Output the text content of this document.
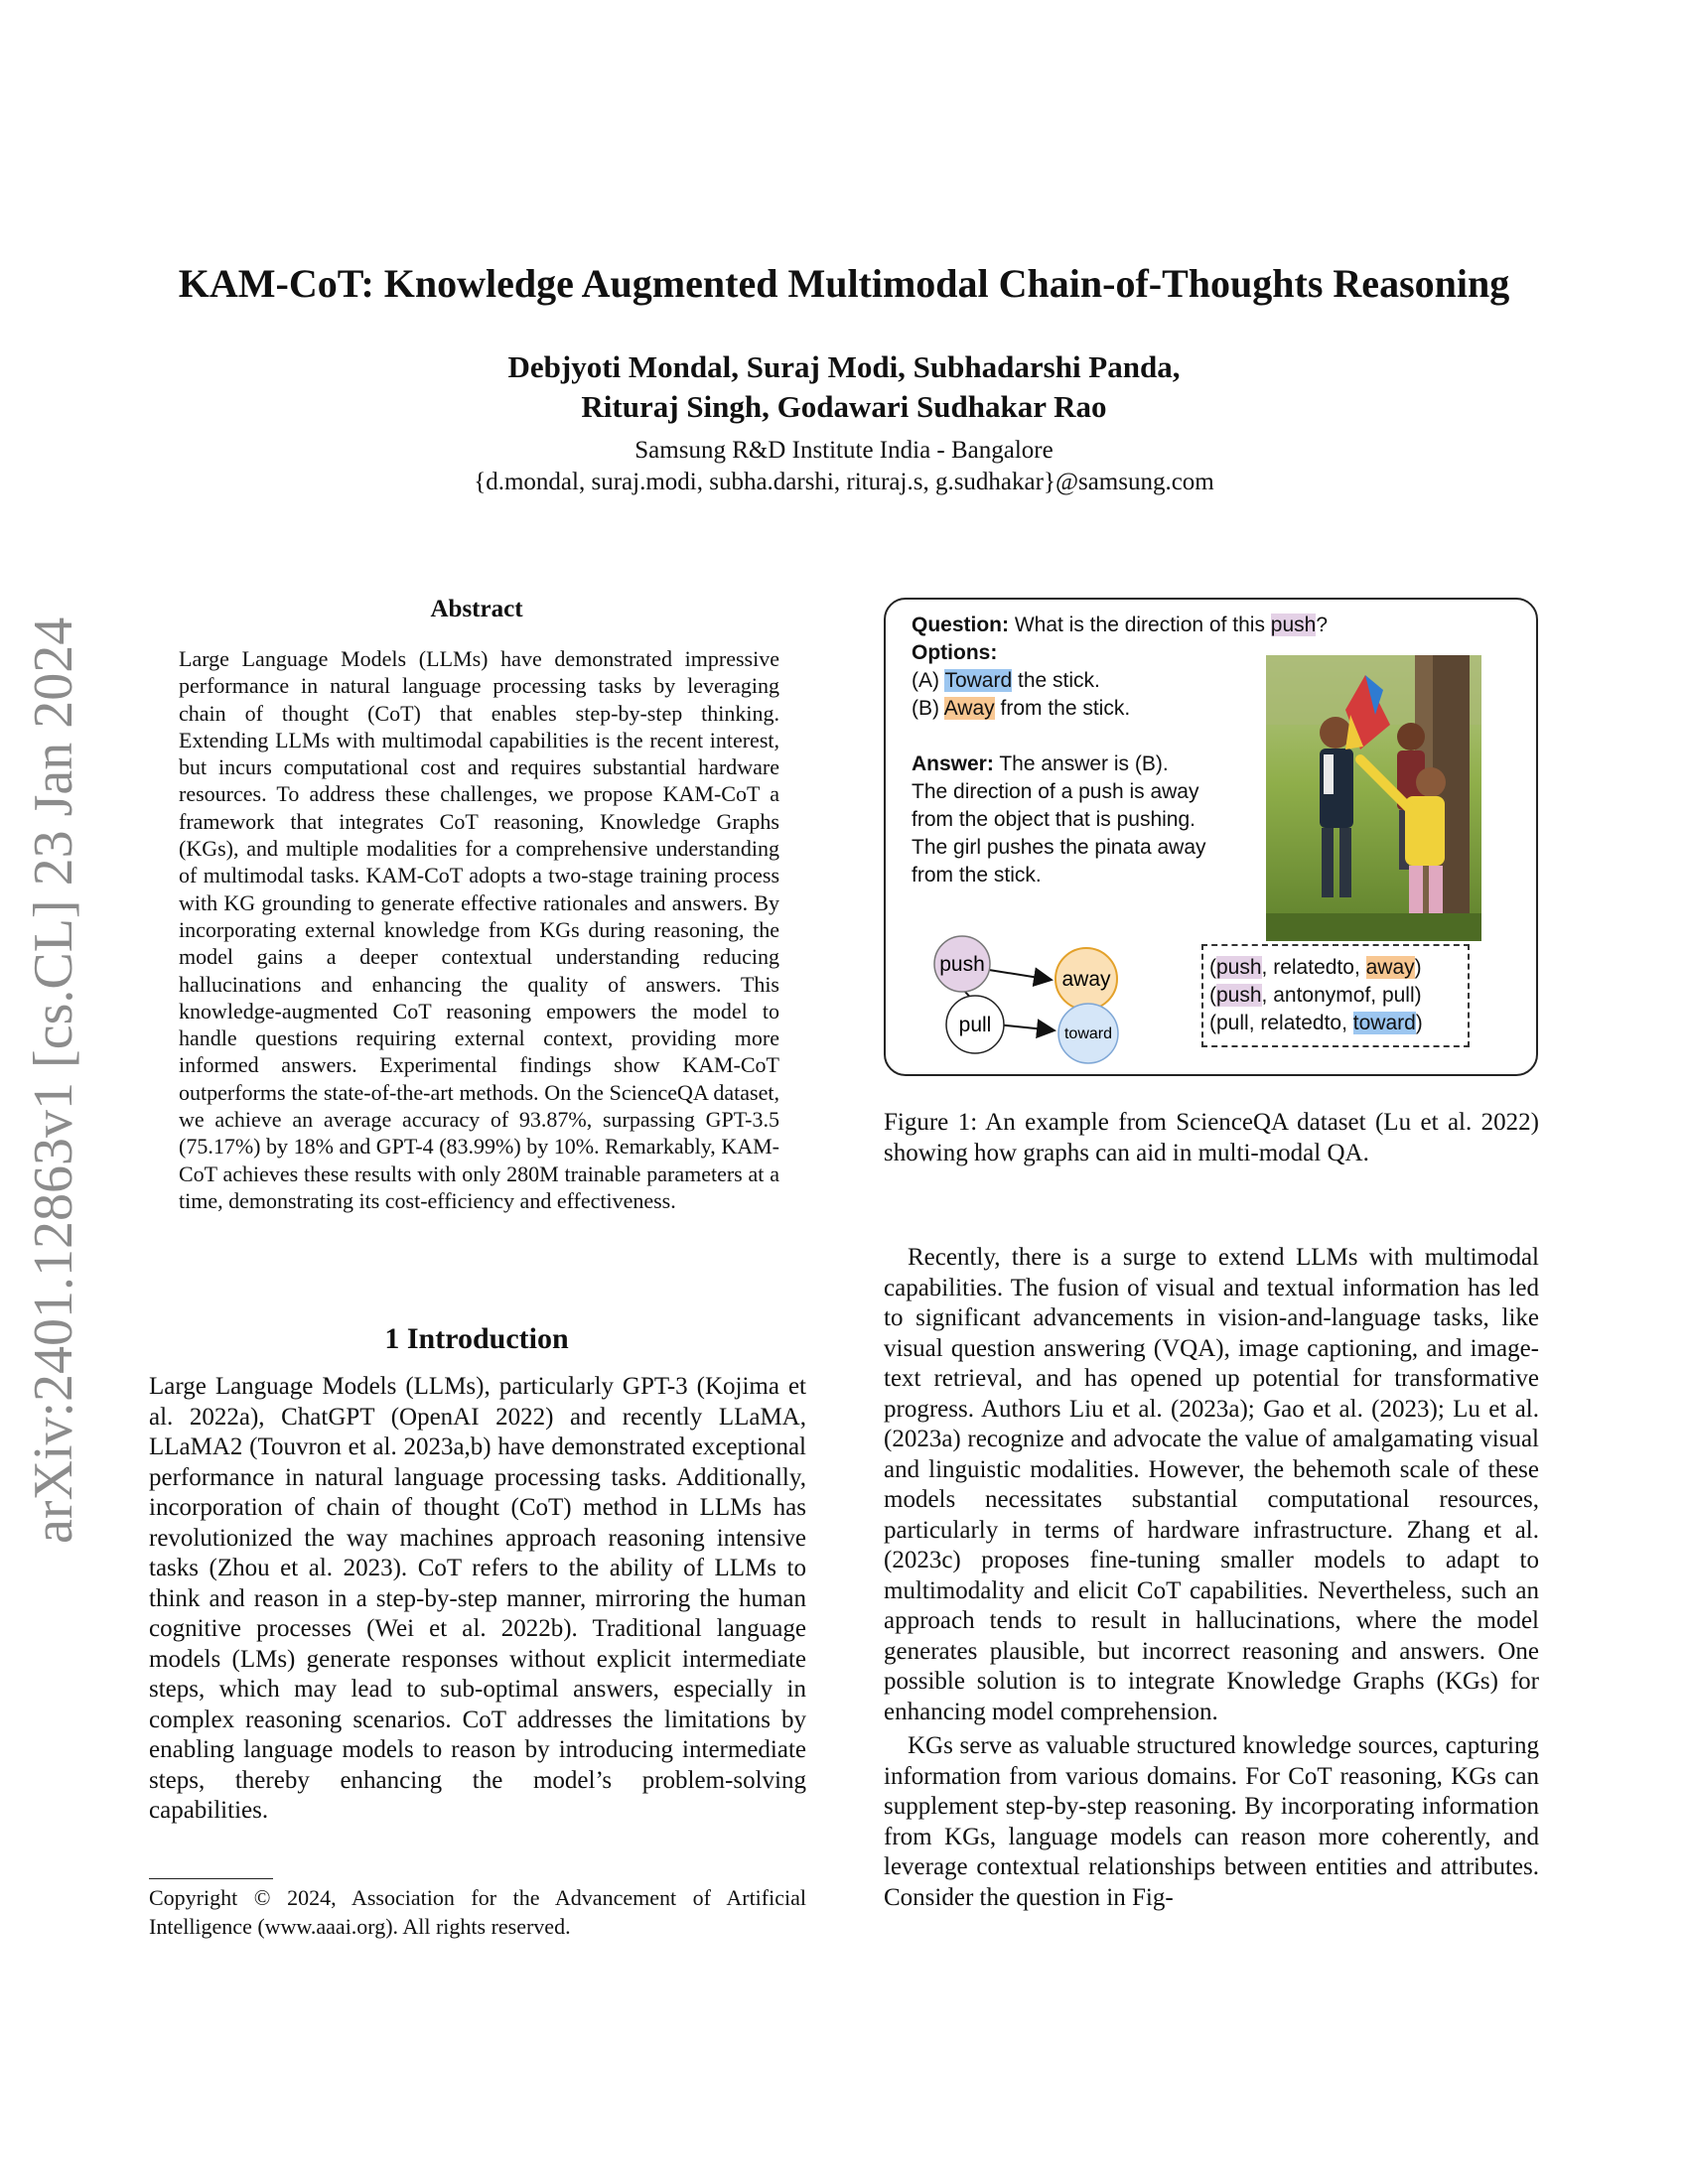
arXiv:2401.12863v1 [cs.CL] 23 Jan 2024
KAM-CoT: Knowledge Augmented Multimodal Chain-of-Thoughts Reasoning
Debjyoti Mondal, Suraj Modi, Subhadarshi Panda,
Rituraj Singh, Godawari Sudhakar Rao
Samsung R&D Institute India - Bangalore
{d.mondal, suraj.modi, subha.darshi, rituraj.s, g.sudhakar}@samsung.com
Abstract
Large Language Models (LLMs) have demonstrated impressive performance in natural language processing tasks by leveraging chain of thought (CoT) that enables step-by-step thinking. Extending LLMs with multimodal capabilities is the recent interest, but incurs computational cost and requires substantial hardware resources. To address these challenges, we propose KAM-CoT a framework that integrates CoT reasoning, Knowledge Graphs (KGs), and multiple modalities for a comprehensive understanding of multimodal tasks. KAM-CoT adopts a two-stage training process with KG grounding to generate effective rationales and answers. By incorporating external knowledge from KGs during reasoning, the model gains a deeper contextual understanding reducing hallucinations and enhancing the quality of answers. This knowledge-augmented CoT reasoning empowers the model to handle questions requiring external context, providing more informed answers. Experimental findings show KAM-CoT outperforms the state-of-the-art methods. On the ScienceQA dataset, we achieve an average accuracy of 93.87%, surpassing GPT-3.5 (75.17%) by 18% and GPT-4 (83.99%) by 10%. Remarkably, KAM-CoT achieves these results with only 280M trainable parameters at a time, demonstrating its cost-efficiency and effectiveness.
1 Introduction

Large Language Models (LLMs), particularly GPT-3 (Kojima et al. 2022a), ChatGPT (OpenAI 2022) and recently LLaMA, LLaMA2 (Touvron et al. 2023a,b) have demonstrated exceptional performance in natural language processing tasks. Additionally, incorporation of chain of thought (CoT) method in LLMs has revolutionized the way machines approach reasoning intensive tasks (Zhou et al. 2023). CoT refers to the ability of LLMs to think and reason in a step-by-step manner, mirroring the human cognitive processes (Wei et al. 2022b). Traditional language models (LMs) generate responses without explicit intermediate steps, which may lead to sub-optimal answers, especially in complex reasoning scenarios. CoT addresses the limitations by enabling language models to reason by introducing intermediate steps, thereby enhancing the model’s problem-solving capabilities.

Copyright © 2024, Association for the Advancement of Artificial Intelligence (www.aaai.org). All rights reserved.
Question: What is the direction of this push?
Options:
(A) Toward the stick.
(B) Away from the stick.
Answer: The answer is (B).
The direction of a push is away
from the object that is pushing.
The girl pushes the pinata away
from the stick.
push
away
pull	toward
(push, relatedto, away)
(push, antonymof, pull)
(pull, relatedto, toward)
Figure 1: An example from ScienceQA dataset (Lu et al. 2022) showing how graphs can aid in multi-modal QA.

Recently, there is a surge to extend LLMs with multimodal capabilities. The fusion of visual and textual information has led to significant advancements in vision-and-language tasks, like visual question answering (VQA), image captioning, and image-text retrieval, and has opened up potential for transformative progress. Authors Liu et al. (2023a); Gao et al. (2023); Lu et al. (2023a) recognize and advocate the value of amalgamating visual and linguistic modalities. However, the behemoth scale of these models necessitates substantial computational resources, particularly in terms of hardware infrastructure. Zhang et al. (2023c) proposes fine-tuning smaller models to adapt to multimodality and elicit CoT capabilities. Nevertheless, such an approach tends to result in hallucinations, where the model generates plausible, but incorrect reasoning and answers. One possible solution is to integrate Knowledge Graphs (KGs) for enhancing model comprehension.

KGs serve as valuable structured knowledge sources, capturing information from various domains. For CoT reasoning, KGs can supplement step-by-step reasoning. By incorporating information from KGs, language models can reason more coherently, and leverage contextual relationships between entities and attributes. Consider the question in Fig-
